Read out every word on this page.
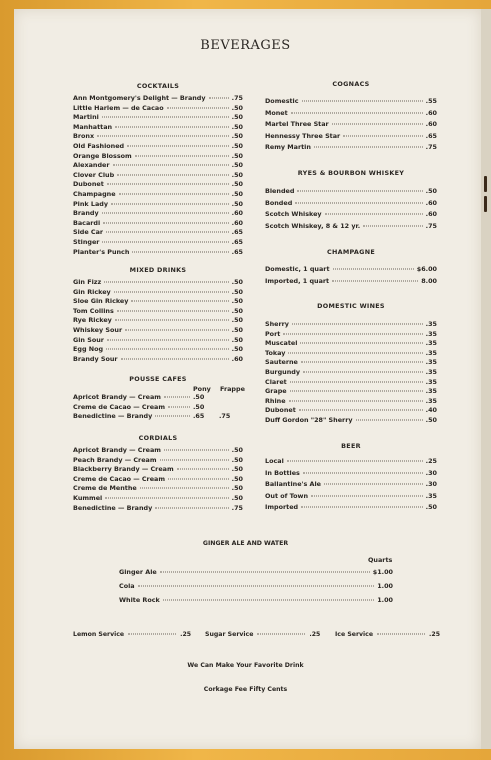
BEVERAGES
COCKTAILS
Ann Montgomery's Delight — Brandy	.75
Little Harlem — de Cacao	.50
Martini	.50
Manhattan	.50
Bronx	.50
Old Fashioned	.50
Orange Blossom	.50
Alexander	.50
Clover Club	.50
Dubonet	.50
Champagne	.50
Pink Lady	.50
Brandy	.60
Bacardi	.60
Side Car	.65
Stinger	.65
Planter's Punch	.65
MIXED DRINKS
Gin Fizz	.50
Gin Rickey	.50
Sloe Gin Rickey	.50
Tom Collins	.50
Rye Rickey	.50
Whiskey Sour	.50
Gin Sour	.50
Egg Nog	.50
Brandy Sour	.60
POUSSE CAFES
Pony Frappe
Apricot Brandy — Cream	.50
Creme de Cacao — Cream	.50
Benedictine — Brandy	.65	.75
CORDIALS
Apricot Brandy — Cream	.50
Peach Brandy — Cream	.50
Blackberry Brandy — Cream	.50
Creme de Cacao — Cream	.50
Creme de Menthe	.50
Kummel	.50
Benedictine — Brandy	.75
COGNACS
Domestic	.55
Monet	.60
Martel Three Star	.60
Hennessy Three Star	.65
Remy Martin	.75
RYES & BOURBON WHISKEY
Blended	.50
Bonded	.60
Scotch Whiskey	.60
Scotch Whiskey, 8 & 12 yr.	.75
CHAMPAGNE
Domestic, 1 quart	$6.00
Imported, 1 quart	8.00
DOMESTIC WINES
Sherry	.35
Port	.35
Muscatel	.35
Tokay	.35
Sauterne	.35
Burgundy	.35
Claret	.35
Grape	.35
Rhine	.35
Dubonet	.40
Duff Gordon "28" Sherry	.50
BEER
Local	.25
In Bottles	.30
Ballantine's Ale	.30
Out of Town	.35
Imported	.50
GINGER ALE AND WATER
Quarts
Ginger Ale	$1.00
Cola	1.00
White Rock	1.00
Lemon Service	.25 Sugar Service	.25 Ice Service	.25
We Can Make Your Favorite Drink
Corkage Fee Fifty Cents
